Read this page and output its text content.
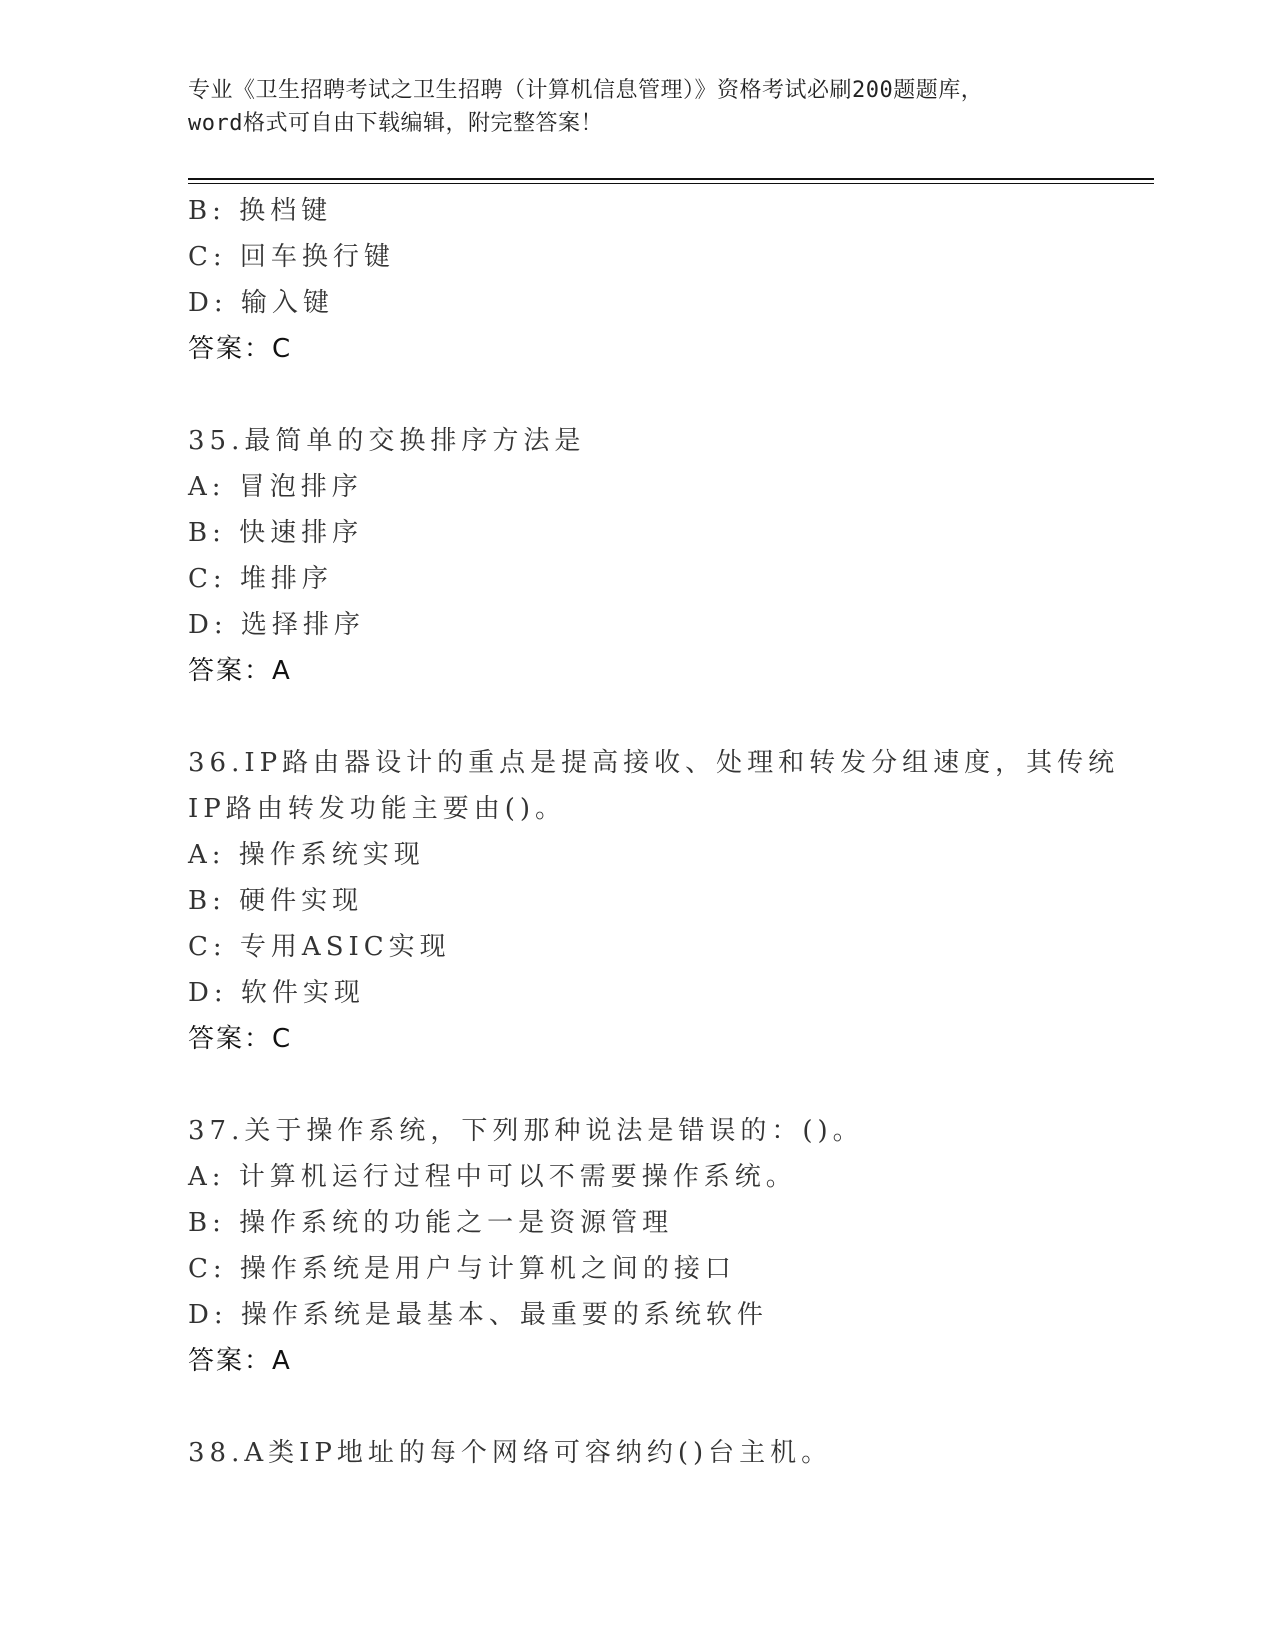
专业《卫生招聘考试之卫生招聘（计算机信息管理）》资格考试必刷200题题库，
word格式可自由下载编辑，附完整答案！
B: 换档键
C: 回车换行键
D: 输入键
答案：C
35.最简单的交换排序方法是
A: 冒泡排序
B: 快速排序
C: 堆排序
D: 选择排序
答案：A
36.IP路由器设计的重点是提高接收、处理和转发分组速度，其传统
IP路由转发功能主要由()。
A: 操作系统实现
B: 硬件实现
C: 专用ASIC实现
D: 软件实现
答案：C
37.关于操作系统，下列那种说法是错误的：()。
A: 计算机运行过程中可以不需要操作系统。
B: 操作系统的功能之一是资源管理
C: 操作系统是用户与计算机之间的接口
D: 操作系统是最基本、最重要的系统软件
答案：A
38.A类IP地址的每个网络可容纳约()台主机。
